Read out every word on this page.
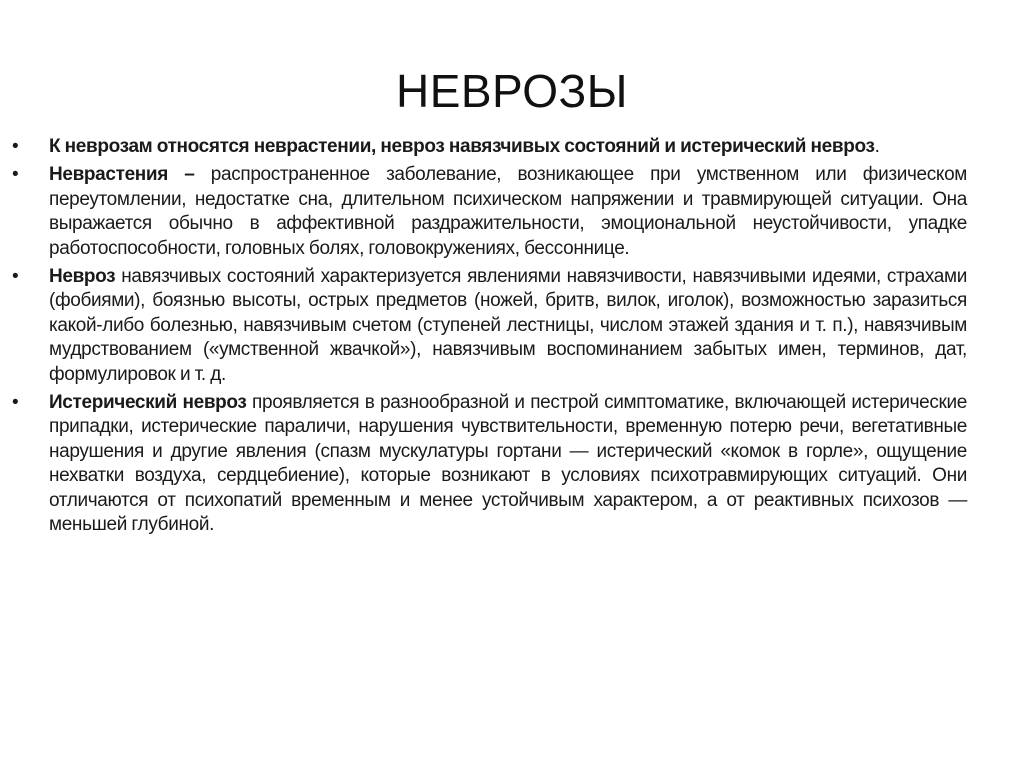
НЕВРОЗЫ
•	К неврозам относятся неврастении, невроз навязчивых состояний и истерический невроз.
•	Неврастения – распространенное заболевание, возникающее при умственном или физическом переутомлении, недостатке сна, длительном психическом напряжении и травмирующей ситуации. Она выражается обычно в аффективной раздражительности, эмоциональной неустойчивости, упадке работоспособности, головных болях, головокружениях, бессоннице.
•	Невроз навязчивых состояний характеризуется явлениями навязчивости, навязчивыми идеями, страхами (фобиями), боязнью высоты, острых предметов (ножей, бритв, вилок, иголок), возможностью заразиться какой-либо болезнью, навязчивым счетом (ступеней лестницы, числом этажей здания и т. п.), навязчивым мудрствованием («умственной жвачкой»), навязчивым воспоминанием забытых имен, терминов, дат, формулировок и т. д.
•	Истерический невроз проявляется в разнообразной и пестрой симптоматике, включающей истерические припадки, истерические параличи, нарушения чувствительности, временную потерю речи, вегетативные нарушения и другие явления (спазм мускулатуры гортани — истерический «комок в горле», ощущение нехватки воздуха, сердцебиение), которые возникают в условиях психотравмирующих ситуаций. Они отличаются от психопатий временным и менее устойчивым характером, а от реактивных психозов — меньшей глубиной.
